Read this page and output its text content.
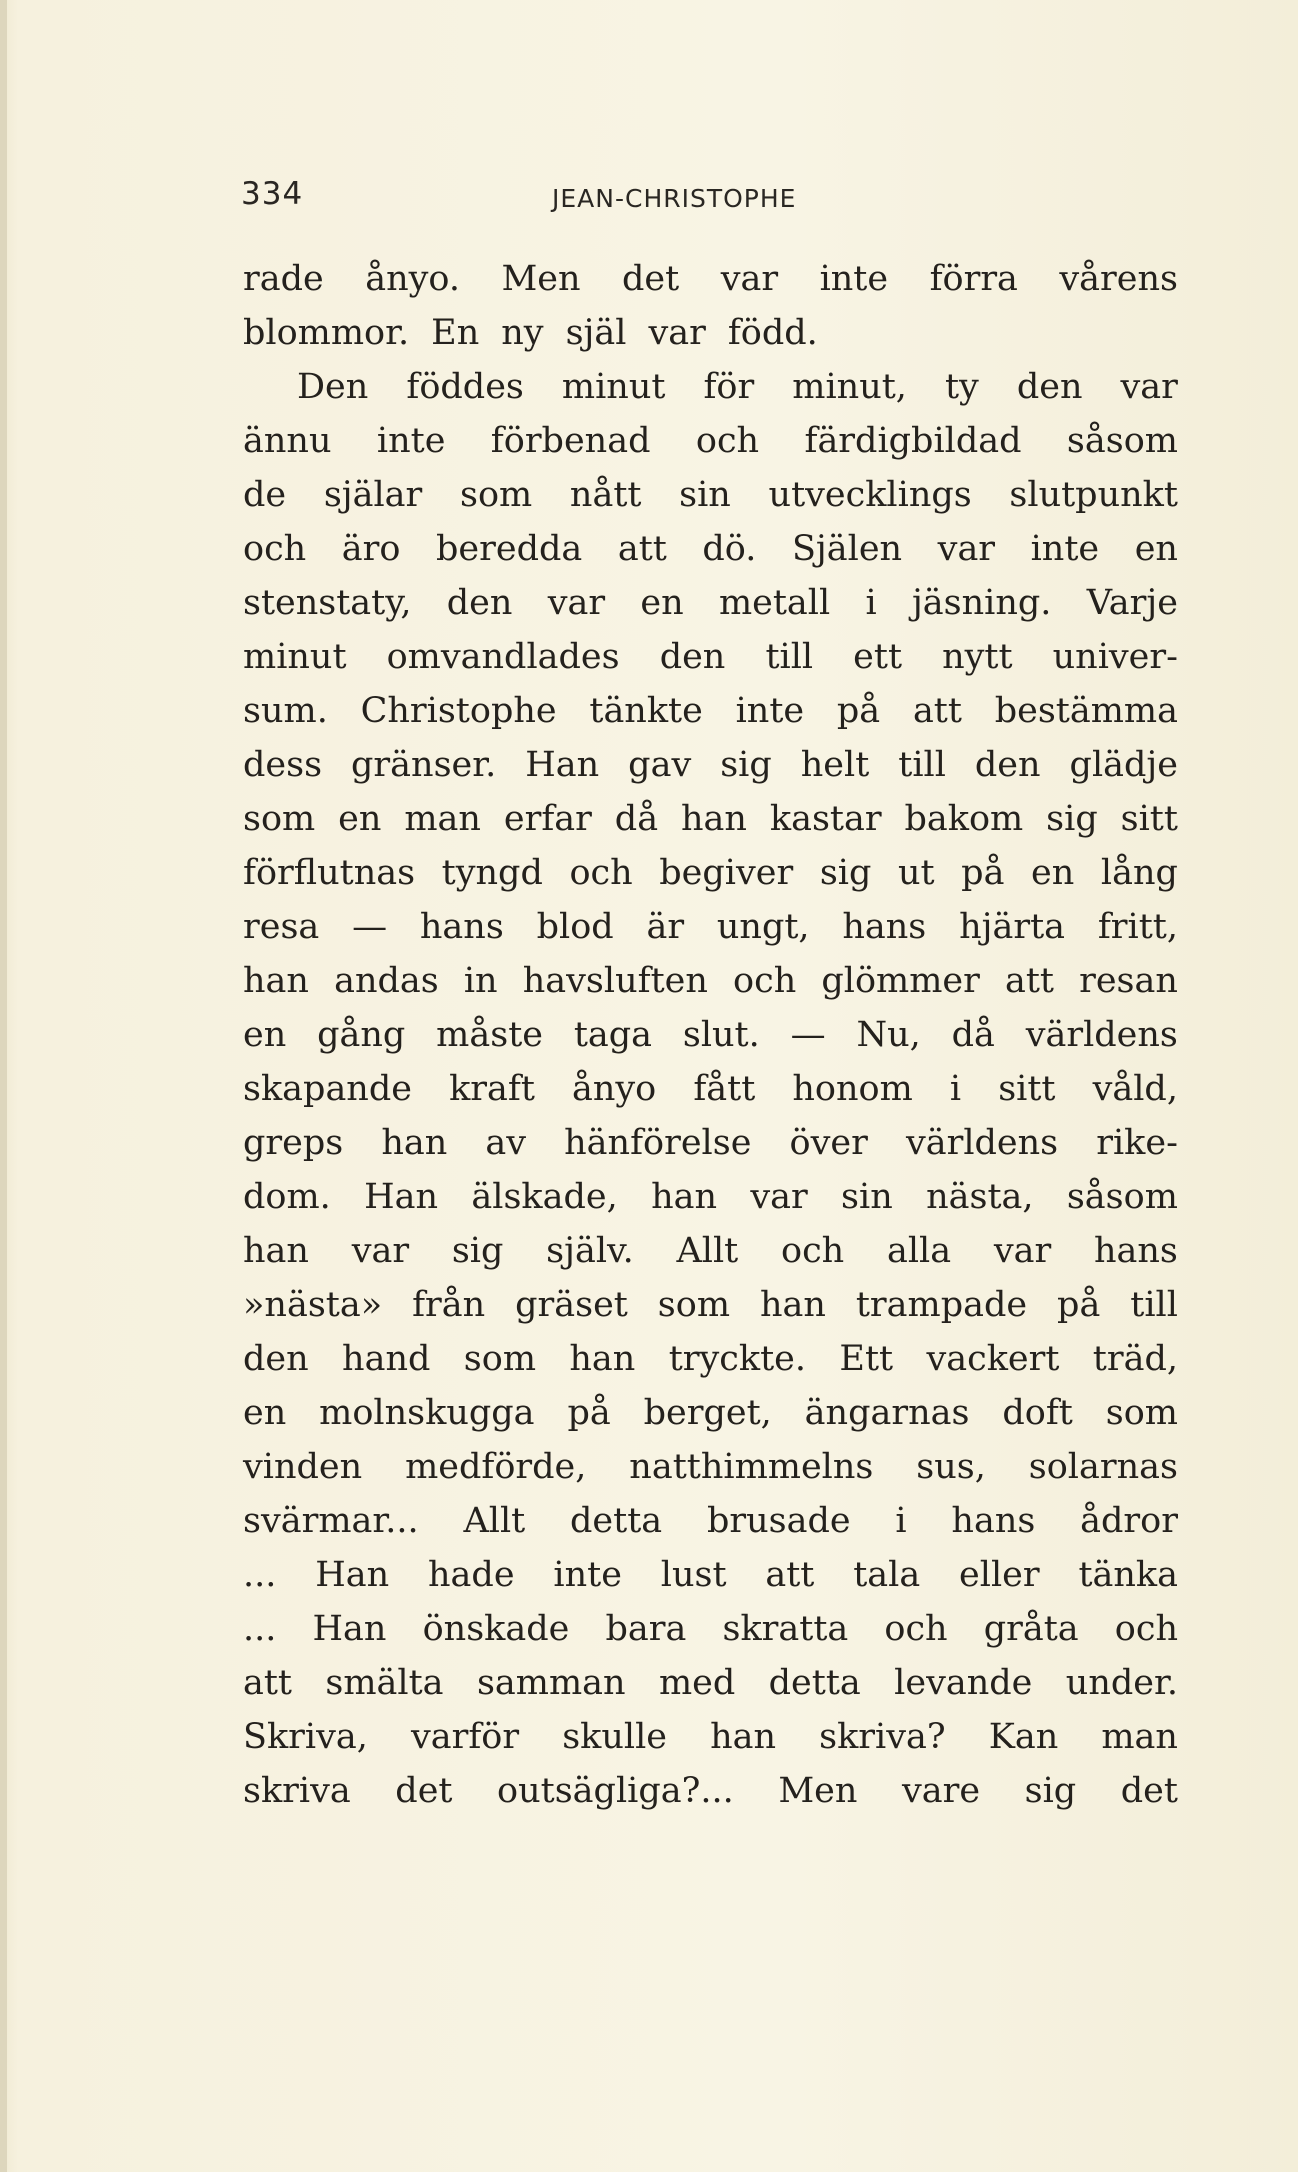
334	JEAN-CHRISTOPHE
rade ånyo. Men det var inte förra vårens
blommor. En ny själ var född.
Den föddes minut för minut, ty den var
ännu inte förbenad och färdigbildad såsom
de själar som nått sin utvecklings slutpunkt
och äro beredda att dö. Själen var inte en
stenstaty, den var en metall i jäsning. Varje
minut omvandlades den till ett nytt univer-
sum. Christophe tänkte inte på att bestämma
dess gränser. Han gav sig helt till den glädje
som en man erfar då han kastar bakom sig sitt
förflutnas tyngd och begiver sig ut på en lång
resa — hans blod är ungt, hans hjärta fritt,
han andas in havsluften och glömmer att resan
en gång måste taga slut. — Nu, då världens
skapande kraft ånyo fått honom i sitt våld,
greps han av hänförelse över världens rike-
dom. Han älskade, han var sin nästa, såsom
han var sig själv. Allt och alla var hans
»nästa» från gräset som han trampade på till
den hand som han tryckte. Ett vackert träd,
en molnskugga på berget, ängarnas doft som
vinden medförde, natthimmelns sus, solarnas
svärmar... Allt detta brusade i hans ådror
... Han hade inte lust att tala eller tänka
... Han önskade bara skratta och gråta och
att smälta samman med detta levande under.
Skriva, varför skulle han skriva? Kan man
skriva det outsägliga?... Men vare sig det
